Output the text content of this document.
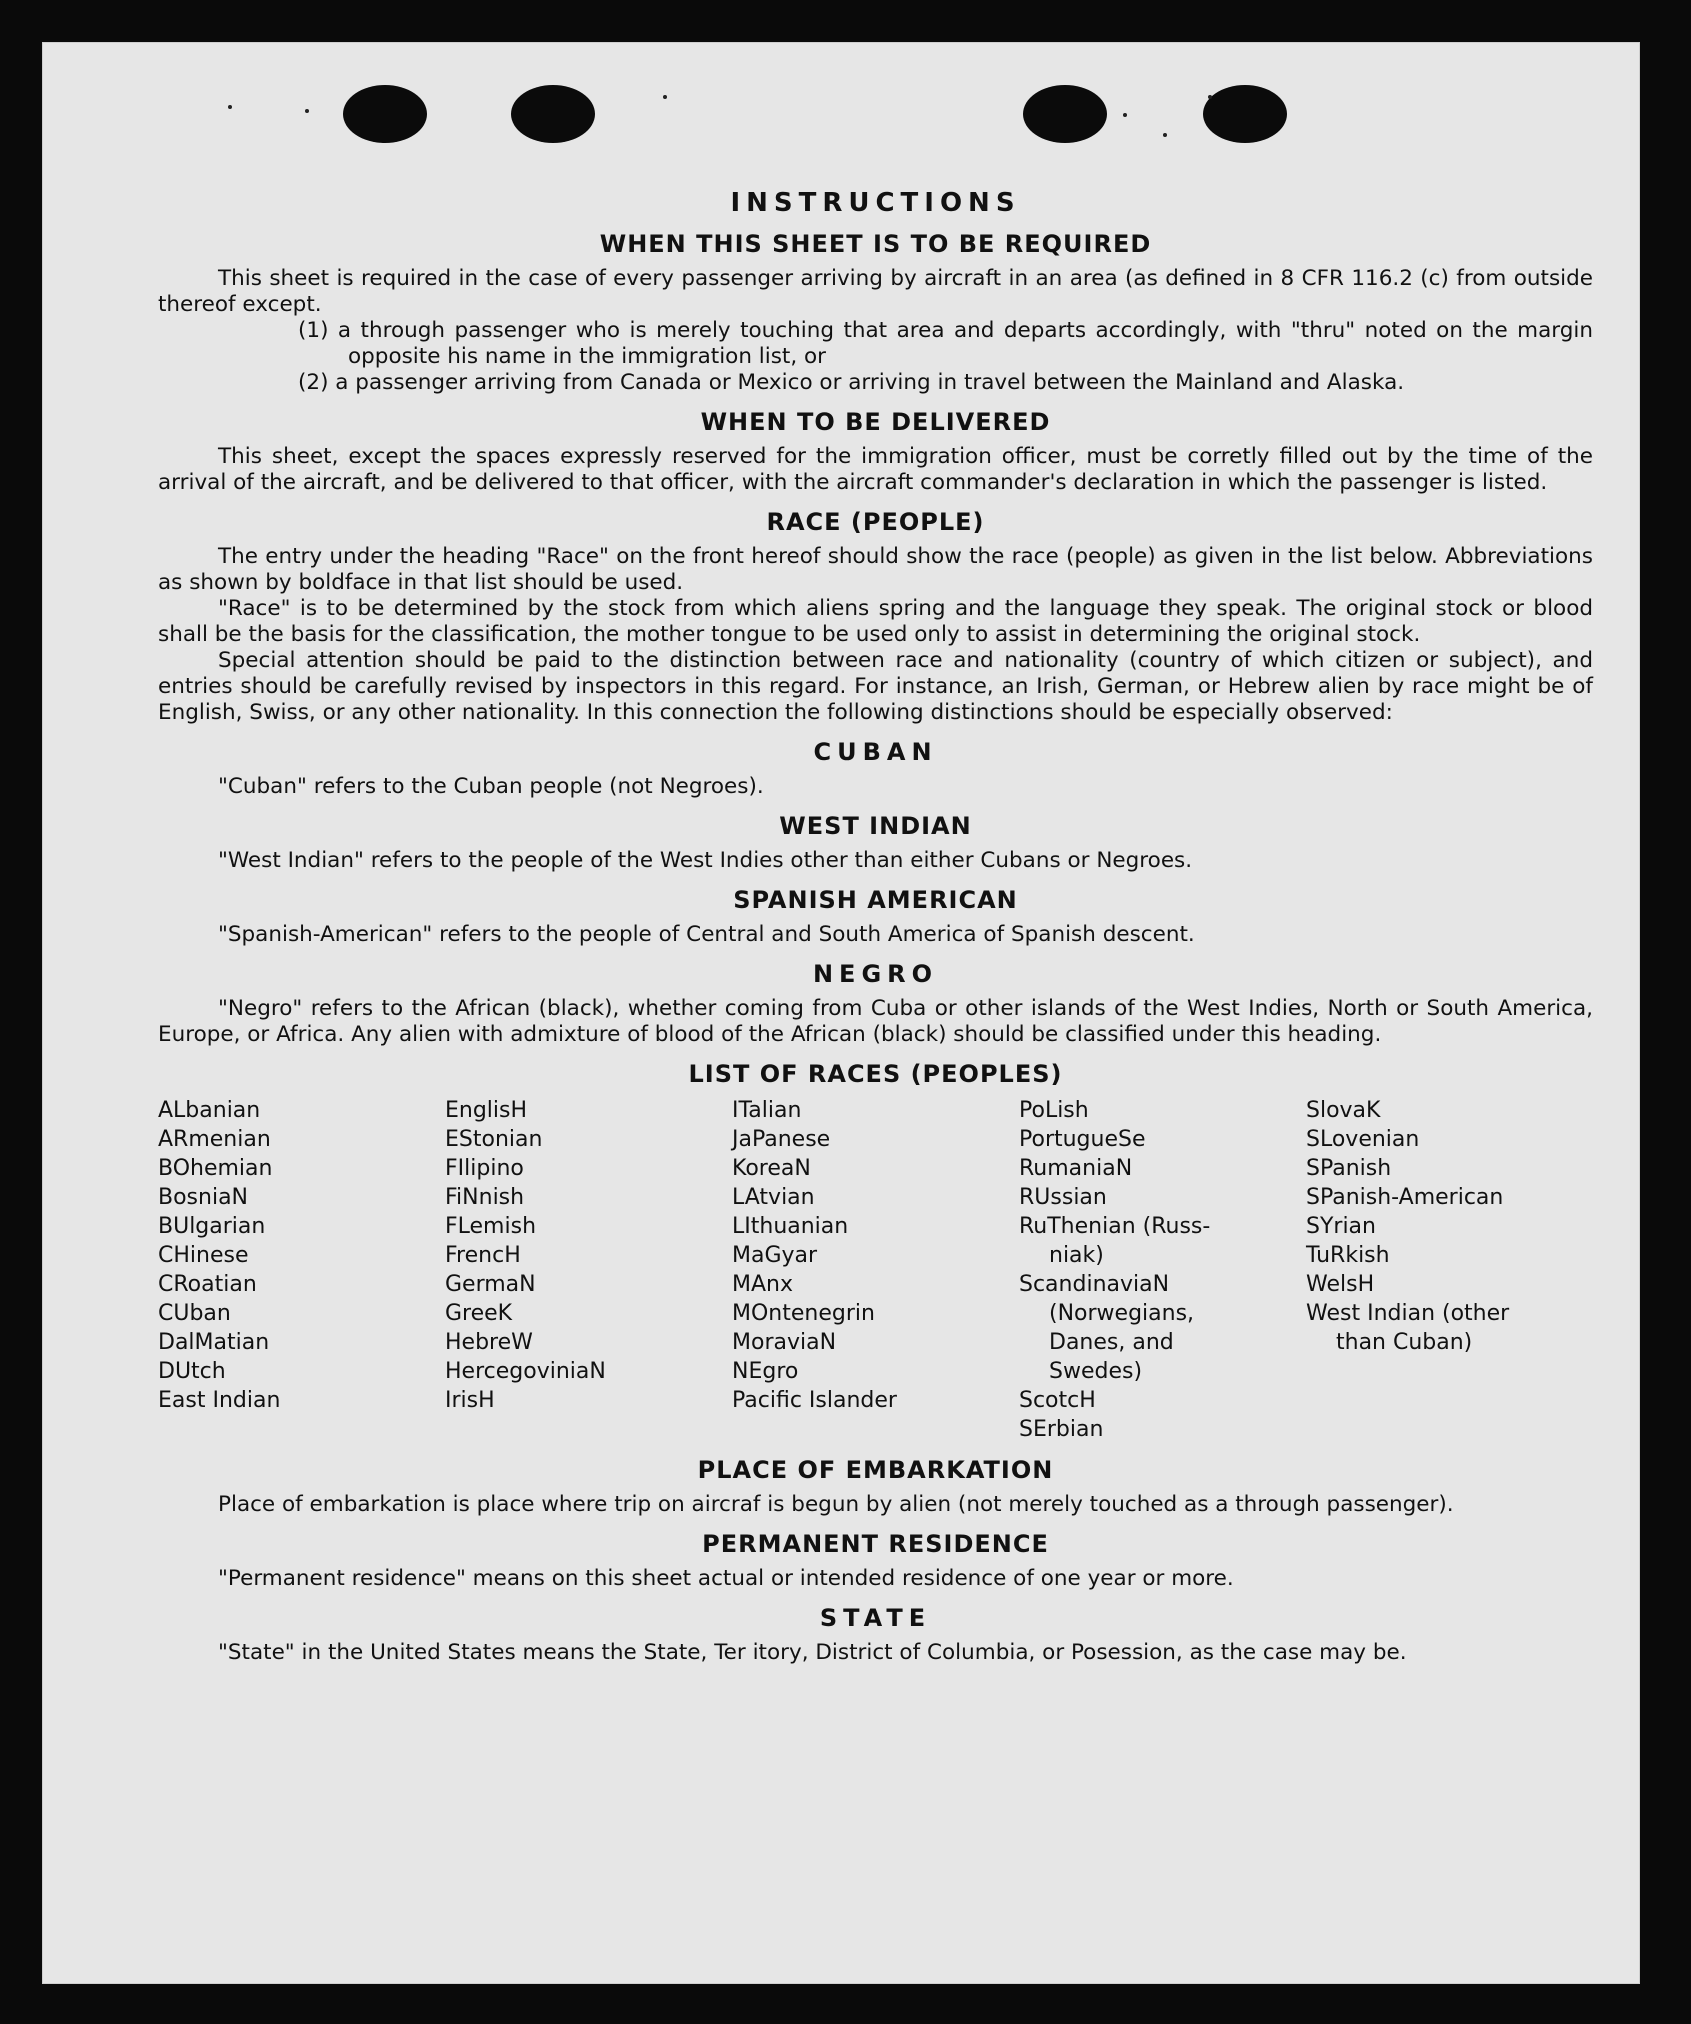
INSTRUCTIONS
WHEN THIS SHEET IS TO BE REQUIRED

This sheet is required in the case of every passenger arriving by aircraft in an area (as defined in 8 CFR 116.2 (c) from outside thereof except.

(1) a through passenger who is merely touching that area and departs accordingly, with "thru" noted on the margin opposite his name in the immigration list, or
(2) a passenger arriving from Canada or Mexico or arriving in travel between the Mainland and Alaska.
WHEN TO BE DELIVERED

This sheet, except the spaces expressly reserved for the immigration officer, must be corretly filled out by the time of the arrival of the aircraft, and be delivered to that officer, with the aircraft commander's declaration in which the passenger is listed.

RACE (PEOPLE)

The entry under the heading "Race" on the front hereof should show the race (people) as given in the list below. Abbreviations as shown by boldface in that list should be used.

"Race" is to be determined by the stock from which aliens spring and the language they speak. The original stock or blood shall be the basis for the classification, the mother tongue to be used only to assist in determining the original stock.

Special attention should be paid to the distinction between race and nationality (country of which citizen or subject), and entries should be carefully revised by inspectors in this regard. For instance, an Irish, German, or Hebrew alien by race might be of English, Swiss, or any other nationality. In this connection the following distinctions should be especially observed:

CUBAN

"Cuban" refers to the Cuban people (not Negroes).

WEST INDIAN

"West Indian" refers to the people of the West Indies other than either Cubans or Negroes.

SPANISH AMERICAN

"Spanish-American" refers to the people of Central and South America of Spanish descent.

NEGRO

"Negro" refers to the African (black), whether coming from Cuba or other islands of the West Indies, North or South America, Europe, or Africa. Any alien with admixture of blood of the African (black) should be classified under this heading.

LIST OF RACES (PEOPLES)
ALbanian
ARmenian
BOhemian
BosniaN
BUlgarian
CHinese
CRoatian
CUban
DalMatian
DUtch
East Indian
EnglisH
EStonian
FIlipino
FiNnish
FLemish
FrencH
GermaN
GreeK
HebreW
HercegoviniaN
IrisH
ITalian
JaPanese
KoreaN
LAtvian
LIthuanian
MaGyar
MAnx
MOntenegrin
MoraviaN
NEgro
Pacific Islander
PoLish
PortugueSe
RumaniaN
RUssian
RuThenian (Russ-
niak)
ScandinaviaN
(Norwegians,
Danes, and
Swedes)
ScotcH
SErbian
SlovaK
SLovenian
SPanish
SPanish-American
SYrian
TuRkish
WelsH
West Indian (other
than Cuban)
PLACE OF EMBARKATION

Place of embarkation is place where trip on aircraf is begun by alien (not merely touched as a through passenger).

PERMANENT RESIDENCE

"Permanent residence" means on this sheet actual or intended residence of one year or more.

STATE

"State" in the United States means the State, Ter itory, District of Columbia, or Posession, as the case may be.
